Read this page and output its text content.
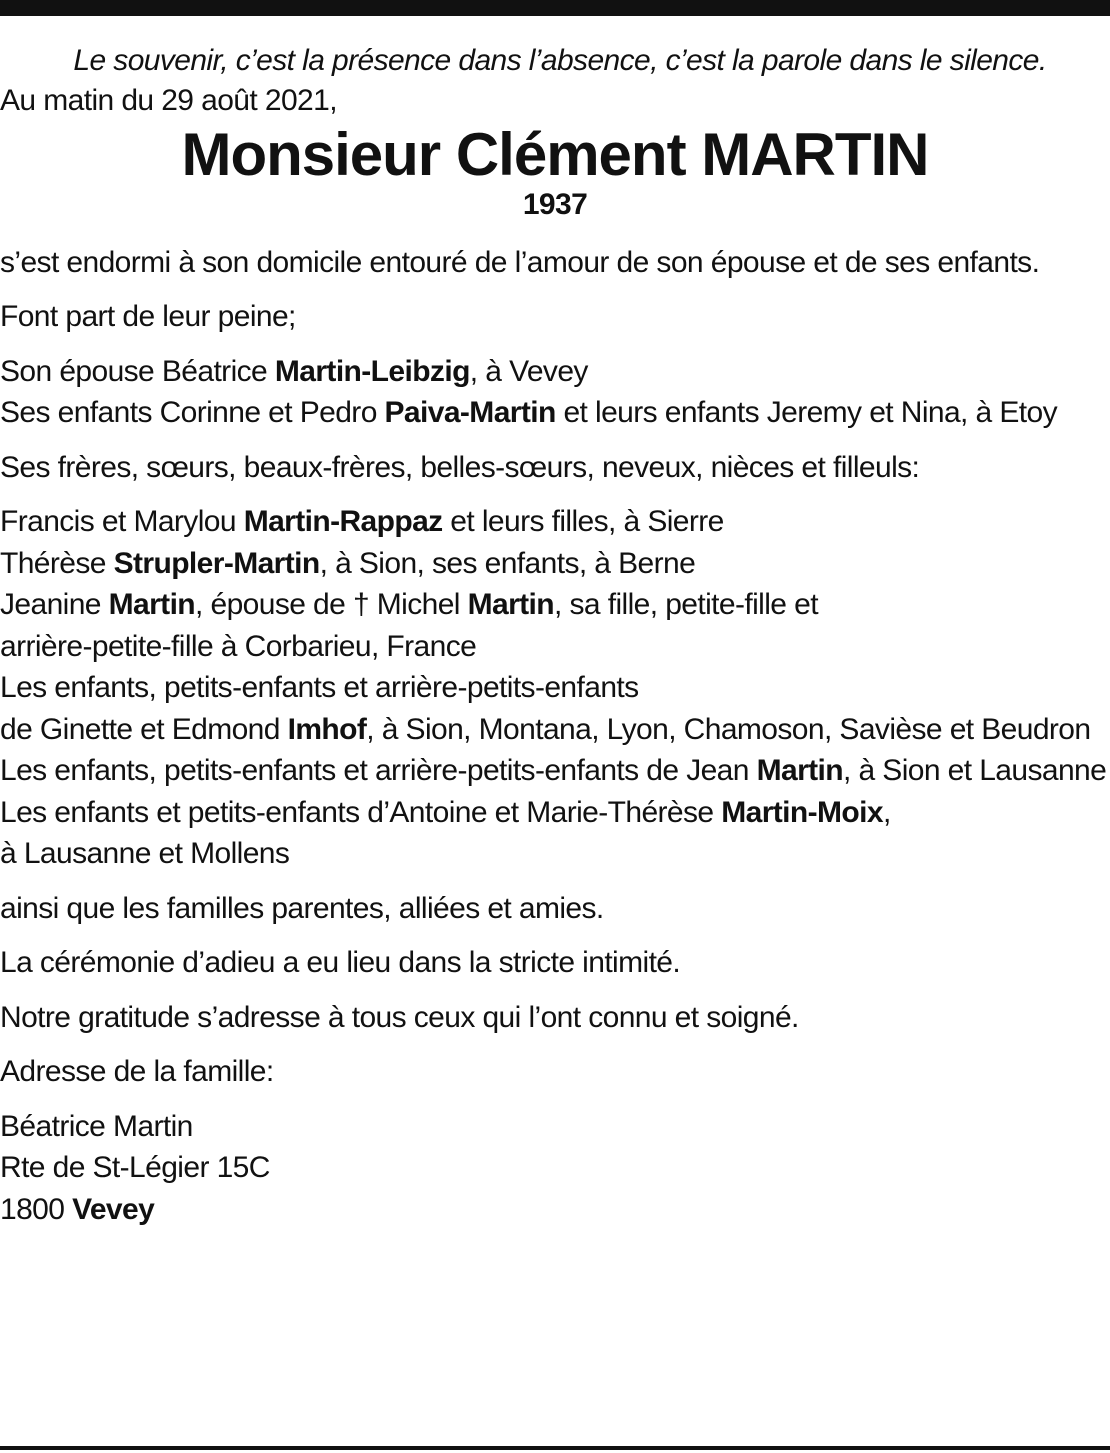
Le souvenir, c’est la présence dans l’absence, c’est la parole dans le silence.
Au matin du 29 août 2021,
Monsieur Clément MARTIN
1937

s’est endormi à son domicile entouré de l’amour de son épouse et de ses enfants.

Font part de leur peine;

Son épouse Béatrice Martin-Leibzig, à Vevey
Ses enfants Corinne et Pedro Paiva-Martin et leurs enfants Jeremy et Nina, à Etoy

Ses frères, sœurs, beaux-frères, belles-sœurs, neveux, nièces et filleuls:

Francis et Marylou Martin-Rappaz et leurs filles, à Sierre
Thérèse Strupler-Martin, à Sion, ses enfants, à Berne
Jeanine Martin, épouse de † Michel Martin, sa fille, petite-fille et
arrière-petite-fille à Corbarieu, France
Les enfants, petits-enfants et arrière-petits-enfants
de Ginette et Edmond Imhof, à Sion, Montana, Lyon, Chamoson, Savièse et Beudron
Les enfants, petits-enfants et arrière-petits-enfants de Jean Martin, à Sion et Lausanne
Les enfants et petits-enfants d’Antoine et Marie-Thérèse Martin-Moix,
à Lausanne et Mollens

ainsi que les familles parentes, alliées et amies.

La cérémonie d’adieu a eu lieu dans la stricte intimité.

Notre gratitude s’adresse à tous ceux qui l’ont connu et soigné.

Adresse de la famille:

Béatrice Martin
Rte de St-Légier 15C
1800 Vevey
